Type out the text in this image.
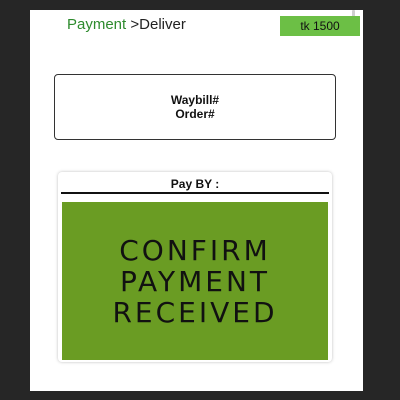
Payment >Deliver	tk 1500
Waybill#
Order#
Pay BY :
CONFIRM
PAYMENT
RECEIVED
